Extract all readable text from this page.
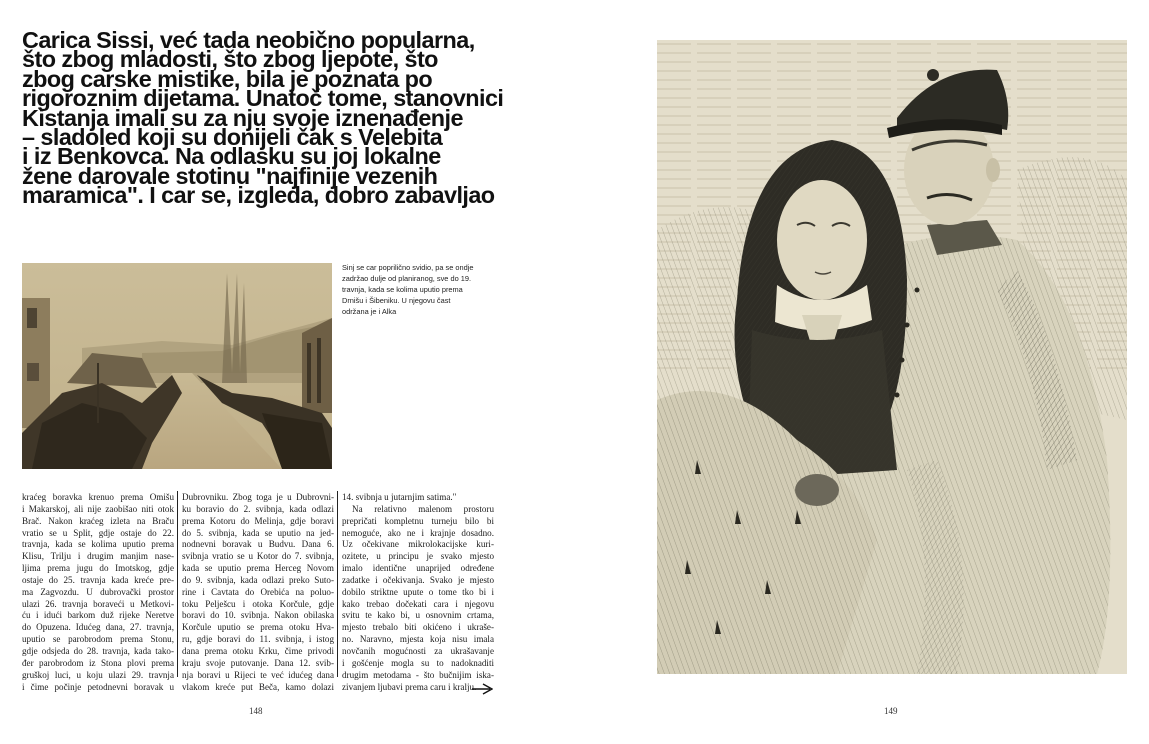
Carica Sissi, već tada neobično popularna,
što zbog mladosti, što zbog ljepote, što
zbog carske mistike, bila je poznata po
rigoroznim dijetama. Unatoč tome, stanovnici
Kistanja imali su za nju svoje iznenađenje
– sladoled koji su donijeli čak s Velebita
i iz Benkovca. Na odlasku su joj lokalne
žene darovale stotinu "najfinije vezenih
maramica". I car se, izgleda, dobro zabavljao
Sinj se car poprilično svidio, pa se ondje
zadržao dulje od planiranog, sve do 19.
travnja, kada se kolima uputio prema
Drnišu i Šibeniku. U njegovu čast
održana je i Alka
kraćeg boravka krenuo prema Omišu
i Makarskoj, ali nije zaobišao niti otok
Brač. Nakon kraćeg izleta na Braču
vratio se u Split, gdje ostaje do 22.
travnja, kada se kolima uputio prema
Klisu, Trilju i drugim manjim nase-
ljima prema jugu do Imotskog, gdje
ostaje do 25. travnja kada kreće pre-
ma Zagvozdu. U dubrovački prostor
ulazi 26. travnja boraveći u Metkovi-
ću i idući barkom duž rijeke Neretve
do Opuzena. Idućeg dana, 27. travnja,
uputio se parobrodom prema Stonu,
gdje odsjeda do 28. travnja, kada tako-
đer parobrodom iz Stona plovi prema
gruškoj luci, u koju ulazi 29. travnja
i čime počinje petodnevni boravak u
Dubrovniku. Zbog toga je u Dubrovni-
ku boravio do 2. svibnja, kada odlazi
prema Kotoru do Melinja, gdje boravi
do 5. svibnja, kada se uputio na jed-
nodnevni boravak u Budvu. Dana 6.
svibnja vratio se u Kotor do 7. svibnja,
kada se uputio prema Herceg Novom
do 9. svibnja, kada odlazi preko Suto-
rine i Cavtata do Orebića na poluo-
toku Pelješcu i otoka Korčule, gdje
boravi do 10. svibnja. Nakon obilaska
Korčule uputio se prema otoku Hva-
ru, gdje boravi do 11. svibnja, i istog
dana prema otoku Krku, čime privodi
kraju svoje putovanje. Dana 12. svib-
nja boravi u Rijeci te već idućeg dana
vlakom kreće put Beča, kamo dolazi
14. svibnja u jutarnjim satima."
Na relativno malenom prostoru
prepričati kompletnu turneju bilo bi
nemoguće, ako ne i krajnje dosadno.
Uz očekivane mikrolokacijske kuri-
ozitete, u principu je svako mjesto
imalo identične unaprijed određene
zadatke i očekivanja. Svako je mjesto
dobilo striktne upute o tome tko bi i
kako trebao dočekati cara i njegovu
svitu te kako bi, u osnovnim crtama,
mjesto trebalo biti okićeno i ukraše-
no. Naravno, mjesta koja nisu imala
novčanih mogućnosti za ukrašavanje
i gošćenje mogla su to nadoknaditi
drugim metodama - što bučnijim iska-
zivanjem ljubavi prema caru i kralju.
148	149
